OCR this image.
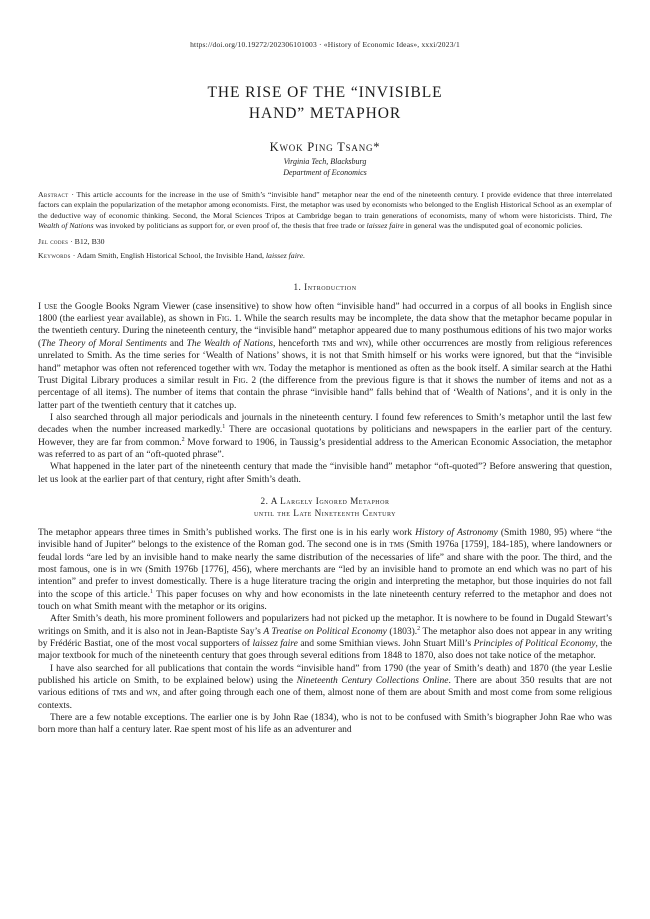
https://doi.org/10.19272/202306101003 · «History of Economic Ideas», xxxi/2023/1
THE RISE OF THE “INVISIBLE
HAND” METAPHOR
Kwok Ping Tsang*
Virginia Tech, Blacksburg
Department of Economics
Abstract · This article accounts for the increase in the use of Smith’s “invisible hand” metaphor near the end of the nineteenth century. I provide evidence that three interrelated factors can explain the popularization of the metaphor among economists. First, the metaphor was used by economists who belonged to the English Historical School as an exemplar of the deductive way of economic thinking. Second, the Moral Sciences Tripos at Cambridge began to train generations of economists, many of whom were historicists. Third, The Wealth of Nations was invoked by politicians as support for, or even proof of, the thesis that free trade or laissez faire in general was the undisputed goal of economic policies.
Jel codes · B12, B30
Keywords · Adam Smith, English Historical School, the Invisible Hand, laissez faire.
1. Introduction

I use the Google Books Ngram Viewer (case insensitive) to show how often “invisible hand” had occurred in a corpus of all books in English since 1800 (the earliest year available), as shown in Fig. 1. While the search results may be incomplete, the data show that the metaphor became popular in the twentieth century. During the nineteenth century, the “invisible hand” metaphor appeared due to many posthumous editions of his two major works (The Theory of Moral Sentiments and The Wealth of Nations, henceforth tms and wn), while other occurrences are mostly from religious references unrelated to Smith. As the time series for ‘Wealth of Nations’ shows, it is not that Smith himself or his works were ignored, but that the “invisible hand” metaphor was often not referenced together with wn. Today the metaphor is mentioned as often as the book itself. A similar search at the Hathi Trust Digital Library produces a similar result in Fig. 2 (the difference from the previous figure is that it shows the number of items and not as a percentage of all items). The number of items that contain the phrase “invisible hand” falls behind that of ‘Wealth of Nations’, and it is only in the latter part of the twentieth century that it catches up.

I also searched through all major periodicals and journals in the nineteenth century. I found few references to Smith’s metaphor until the last few decades when the number increased markedly.$^1$ There are occasional quotations by politicians and newspapers in the earlier part of the century. However, they are far from common.$^2$ Move forward to 1906, in Taussig’s presidential address to the American Economic Association, the metaphor was referred to as part of an “oft-quoted phrase”.

What happened in the later part of the nineteenth century that made the “invisible hand” metaphor “oft-quoted”? Before answering that question, let us look at the earlier part of that century, right after Smith’s death.

2. A Largely Ignored Metaphor
until the Late Nineteenth Century

The metaphor appears three times in Smith’s published works. The first one is in his early work History of Astronomy (Smith 1980, 95) where “the invisible hand of Jupiter” belongs to the existence of the Roman god. The second one is in tms (Smith 1976a [1759], 184-185), where landowners or feudal lords “are led by an invisible hand to make nearly the same distribution of the necessaries of life” and share with the poor. The third, and the most famous, one is in wn (Smith 1976b [1776], 456), where merchants are “led by an invisible hand to promote an end which was no part of his intention” and prefer to invest domestically. There is a huge literature tracing the origin and interpreting the metaphor, but those inquiries do not fall into the scope of this article.$^1$ This paper focuses on why and how economists in the late nineteenth century referred to the metaphor and does not touch on what Smith meant with the metaphor or its origins.

After Smith’s death, his more prominent followers and popularizers had not picked up the metaphor. It is nowhere to be found in Dugald Stewart’s writings on Smith, and it is also not in Jean-Baptiste Say’s A Treatise on Political Economy (1803).$^2$ The metaphor also does not appear in any writing by Frédéric Bastiat, one of the most vocal supporters of laissez faire and some Smithian views. John Stuart Mill’s Principles of Political Economy, the major textbook for much of the nineteenth century that goes through several editions from 1848 to 1870, also does not take notice of the metaphor.

I have also searched for all publications that contain the words “invisible hand” from 1790 (the year of Smith’s death) and 1870 (the year Leslie published his article on Smith, to be explained below) using the Nineteenth Century Collections Online. There are about 350 results that are not various editions of tms and wn, and after going through each one of them, almost none of them are about Smith and most come from some religious contexts.

There are a few notable exceptions. The earlier one is by John Rae (1834), who is not to be confused with Smith’s biographer John Rae who was born more than half a century later. Rae spent most of his life as an adventurer and
